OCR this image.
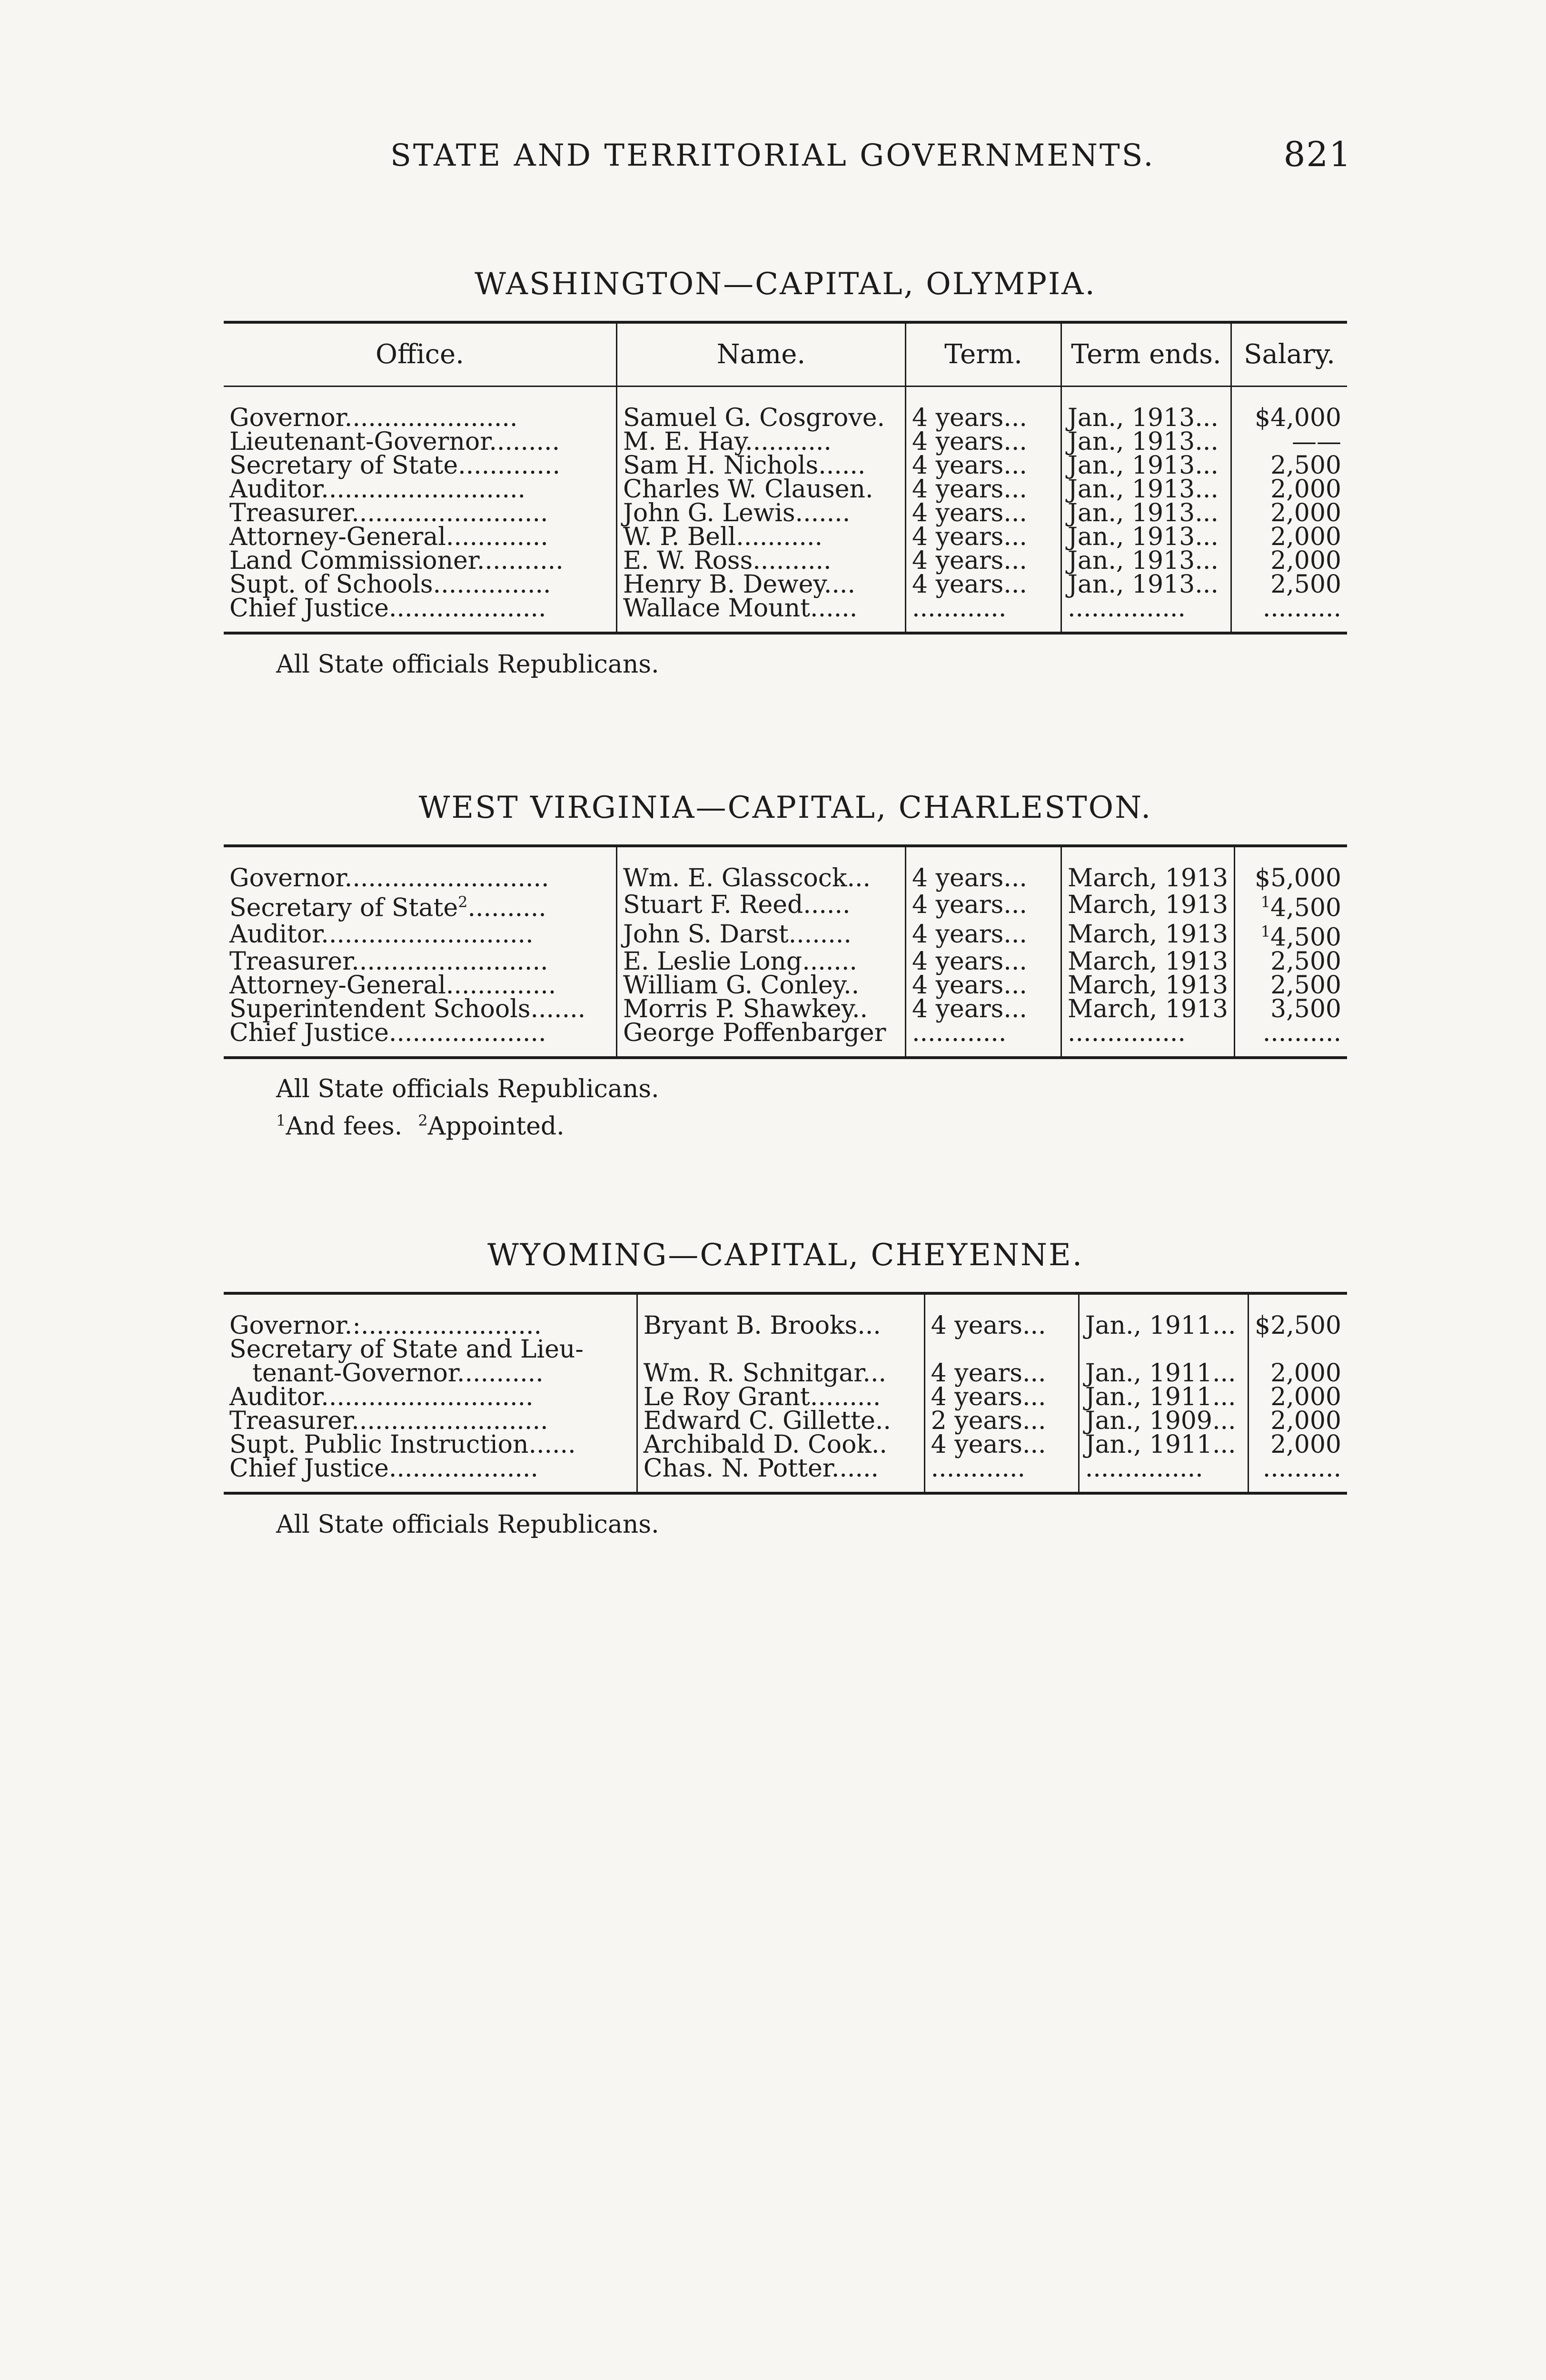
STATE AND TERRITORIAL GOVERNMENTS.	821
WASHINGTON—CAPITAL, OLYMPIA.
Office.	Name.	Term.	Term ends.	Salary.
Governor......................	Samuel G. Cosgrove.	4 years...	Jan., 1913...	$4,000
Lieutenant-Governor.........	M. E. Hay...........	4 years...	Jan., 1913...	——
Secretary of State.............	Sam H. Nichols......	4 years...	Jan., 1913...	2,500
Auditor..........................	Charles W. Clausen.	4 years...	Jan., 1913...	2,000
Treasurer.........................	John G. Lewis.......	4 years...	Jan., 1913...	2,000
Attorney-General.............	W. P. Bell...........	4 years...	Jan., 1913...	2,000
Land Commissioner...........	E. W. Ross..........	4 years...	Jan., 1913...	2,000
Supt. of Schools...............	Henry B. Dewey....	4 years...	Jan., 1913...	2,500
Chief Justice....................	Wallace Mount......	............	...............	..........
All State officials Republicans.
WEST VIRGINIA—CAPITAL, CHARLESTON.
Governor..........................	Wm. E. Glasscock...	4 years...	March, 1913	$5,000
Secretary of State$^2$..........	Stuart F. Reed......	4 years...	March, 1913	$^1$4,500
Auditor...........................	John S. Darst........	4 years...	March, 1913	$^1$4,500
Treasurer.........................	E. Leslie Long.......	4 years...	March, 1913	2,500
Attorney-General..............	William G. Conley..	4 years...	March, 1913	2,500
Superintendent Schools.......	Morris P. Shawkey..	4 years...	March, 1913	3,500
Chief Justice....................	George Poffenbarger	............	...............	..........
All State officials Republicans.
$^1$And fees. $^2$Appointed.
WYOMING—CAPITAL, CHEYENNE.
Governor.:.......................	Bryant B. Brooks...	4 years...	Jan., 1911...	$2,500
Secretary of State and Lieu-				
tenant-Governor...........	Wm. R. Schnitgar...	4 years...	Jan., 1911...	2,000
Auditor...........................	Le Roy Grant.........	4 years...	Jan., 1911...	2,000
Treasurer.........................	Edward C. Gillette..	2 years...	Jan., 1909...	2,000
Supt. Public Instruction......	Archibald D. Cook..	4 years...	Jan., 1911...	2,000
Chief Justice...................	Chas. N. Potter......	............	...............	..........
All State officials Republicans.
